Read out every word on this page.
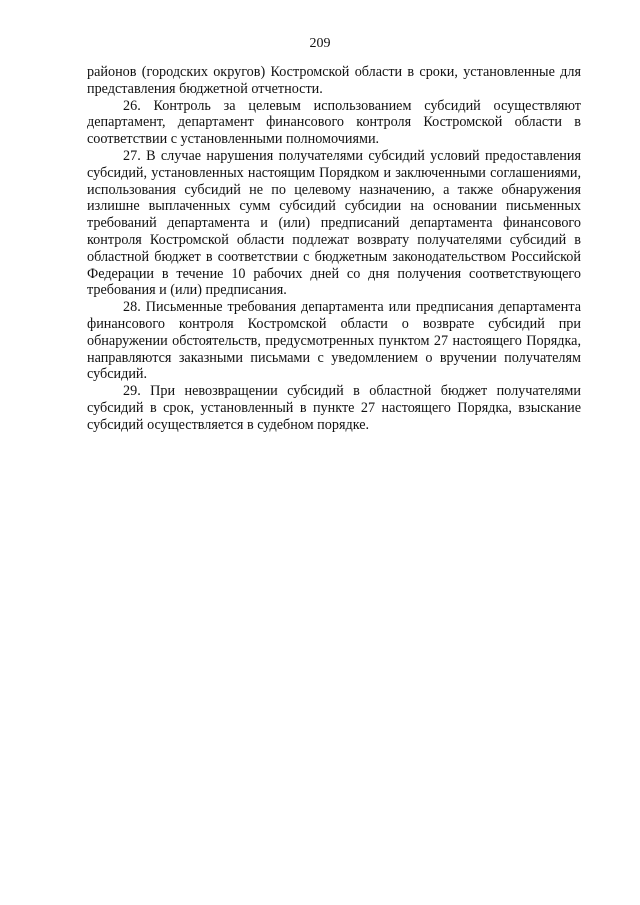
209

районов (городских округов) Костромской области в сроки, установленные для представления бюджетной отчетности.

26. Контроль за целевым использованием субсидий осуществляют департамент, департамент финансового контроля Костромской области в соответствии с установленными полномочиями.

27. В случае нарушения получателями субсидий условий предоставления субсидий, установленных настоящим Порядком и заключенными соглашениями, использования субсидий не по целевому назначению, а также обнаружения излишне выплаченных сумм субсидий субсидии на основании письменных требований департамента и (или) предписаний департамента финансового контроля Костромской области подлежат возврату получателями субсидий в областной бюджет в соответствии с бюджетным законодательством Российской Федерации в течение 10 рабочих дней со дня получения соответствующего требования и (или) предписания.

28. Письменные требования департамента или предписания департамента финансового контроля Костромской области о возврате субсидий при обнаружении обстоятельств, предусмотренных пунктом 27 настоящего Порядка, направляются заказными письмами с уведомлением о вручении получателям субсидий.

29. При невозвращении субсидий в областной бюджет получателями субсидий в срок, установленный в пункте 27 настоящего Порядка, взыскание субсидий осуществляется в судебном порядке.
